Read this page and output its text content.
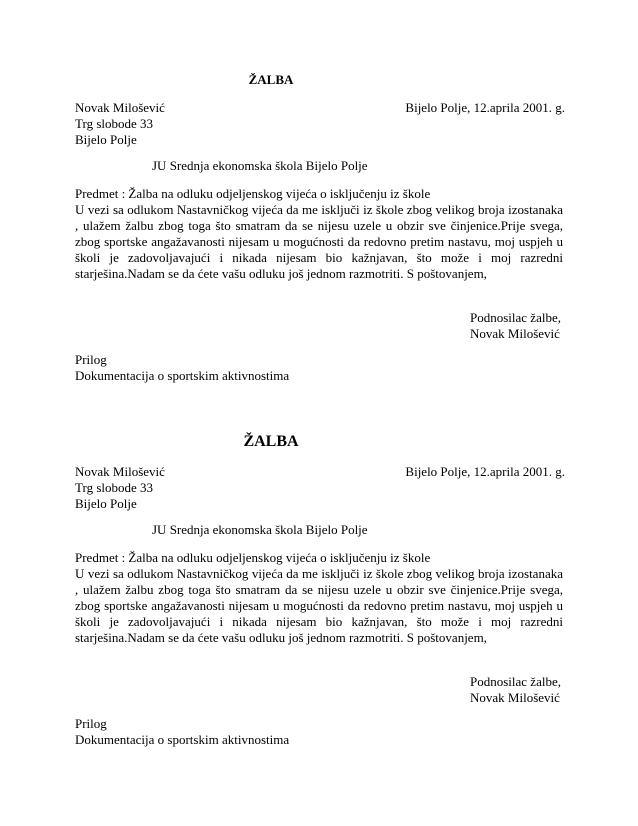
ŽALBA
Novak Milošević	Bijelo Polje, 12.aprila 2001. g.
Trg slobode 33
Bijelo Polje
JU Srednja ekonomska škola Bijelo Polje
Predmet : Žalba na odluku odjeljenskog vijeća o isključenju iz škole
U vezi sa odlukom Nastavničkog vijeća da me isključi iz škole zbog velikog broja izostanaka , ulažem žalbu zbog toga što smatram da se nijesu uzele u obzir sve činjenice.Prije svega, zbog sportske angažavanosti nijesam u mogućnosti da redovno pretim nastavu, moj uspjeh u školi je zadovoljavajući i nikada nijesam bio kažnjavan, što može i moj razredni starješina.Nadam se da ćete vašu odluku još jednom razmotriti. S poštovanjem,
Podnosilac žalbe,
Novak Milošević
Prilog
Dokumentacija o sportskim aktivnostima
ŽALBA
Novak Milošević	Bijelo Polje, 12.aprila 2001. g.
Trg slobode 33
Bijelo Polje
JU Srednja ekonomska škola Bijelo Polje
Predmet : Žalba na odluku odjeljenskog vijeća o isključenju iz škole
U vezi sa odlukom Nastavničkog vijeća da me isključi iz škole zbog velikog broja izostanaka , ulažem žalbu zbog toga što smatram da se nijesu uzele u obzir sve činjenice.Prije svega, zbog sportske angažavanosti nijesam u mogućnosti da redovno pretim nastavu, moj uspjeh u školi je zadovoljavajući i nikada nijesam bio kažnjavan, što može i moj razredni starješina.Nadam se da ćete vašu odluku još jednom razmotriti. S poštovanjem,
Podnosilac žalbe,
Novak Milošević
Prilog
Dokumentacija o sportskim aktivnostima
